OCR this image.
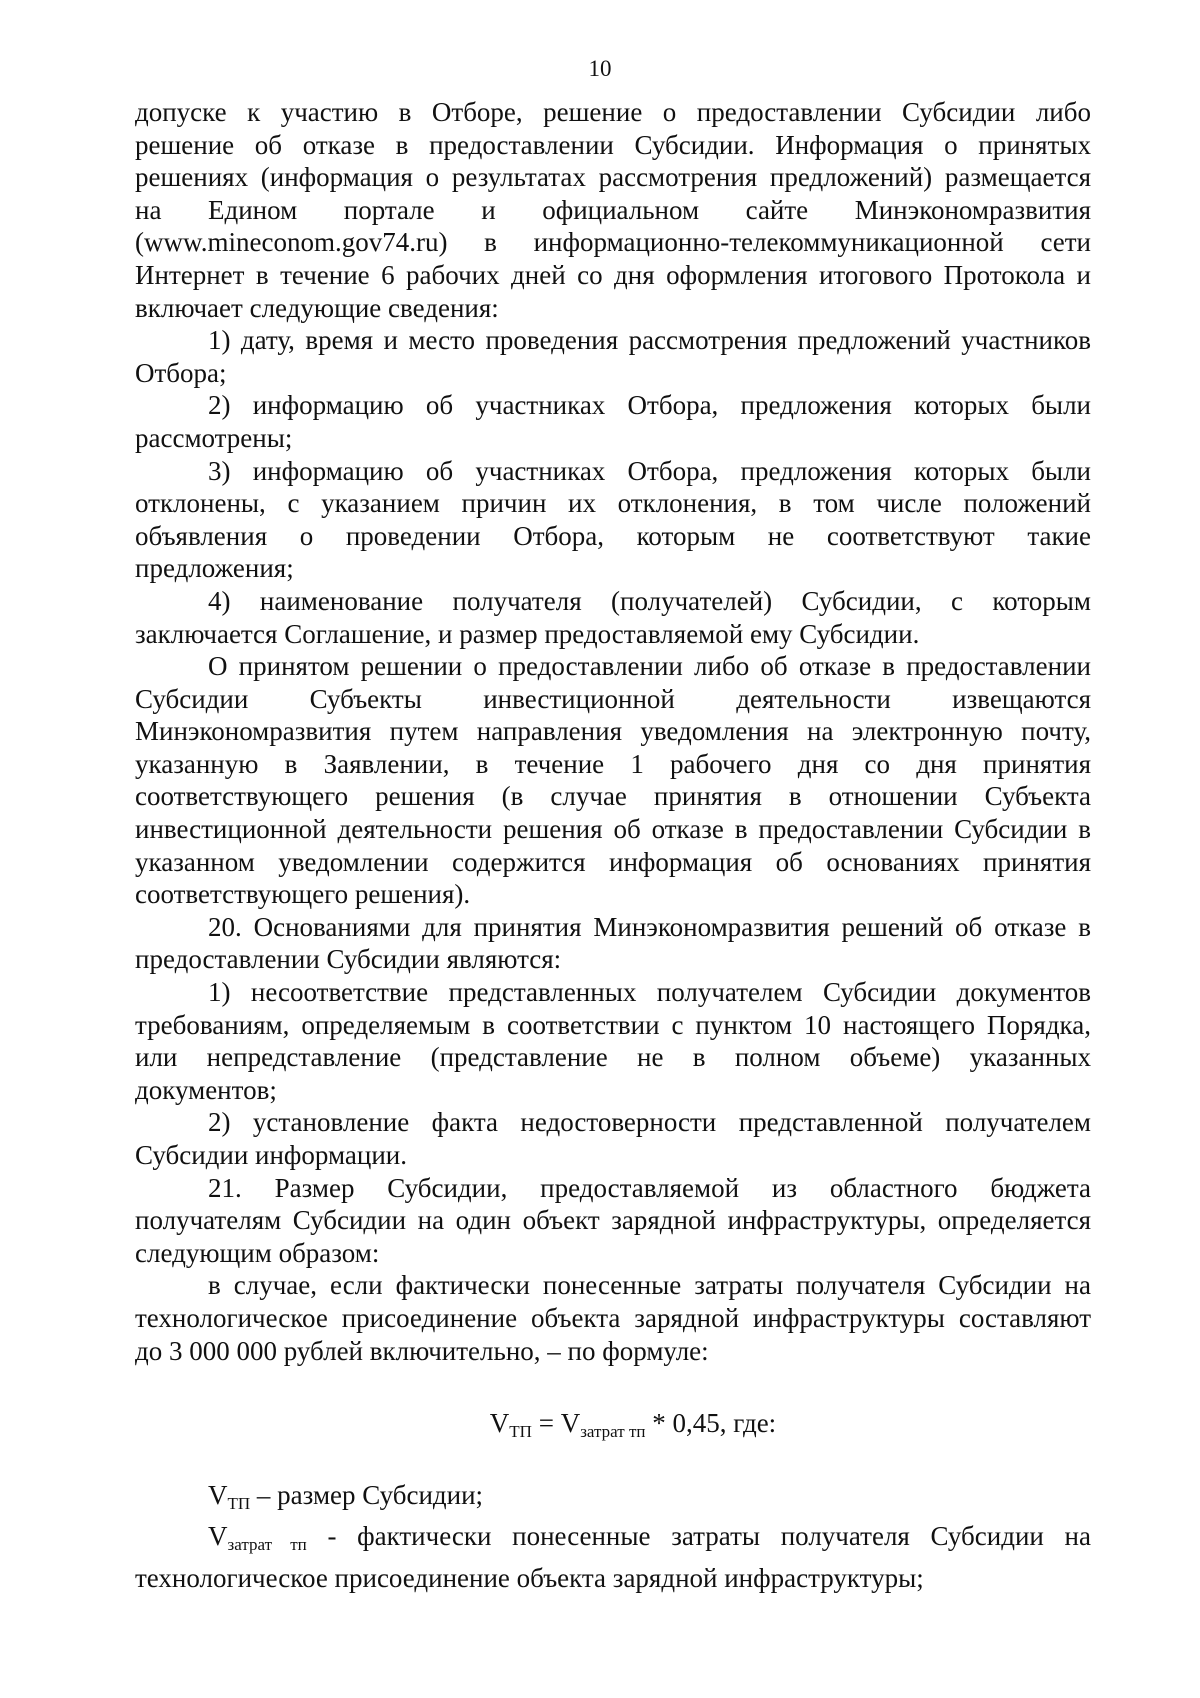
10

допуске к участию в Отборе, решение о предоставлении Субсидии либо

решение об отказе в предоставлении Субсидии. Информация о принятых

решениях (информация о результатах рассмотрения предложений) размещается

на Едином портале и официальном сайте Минэкономразвития

(www.mineconom.gov74.ru) в информационно-телекоммуникационной сети

Интернет в течение 6 рабочих дней со дня оформления итогового Протокола и

включает следующие сведения:

1) дату, время и место проведения рассмотрения предложений участников

Отбора;

2) информацию об участниках Отбора, предложения которых были

рассмотрены;

3) информацию об участниках Отбора, предложения которых были

отклонены, с указанием причин их отклонения, в том числе положений

объявления о проведении Отбора, которым не соответствуют такие

предложения;

4) наименование получателя (получателей) Субсидии, с которым

заключается Соглашение, и размер предоставляемой ему Субсидии.

О принятом решении о предоставлении либо об отказе в предоставлении

Субсидии Субъекты инвестиционной деятельности извещаются

Минэкономразвития путем направления уведомления на электронную почту,

указанную в Заявлении, в течение 1 рабочего дня со дня принятия

соответствующего решения (в случае принятия в отношении Субъекта

инвестиционной деятельности решения об отказе в предоставлении Субсидии в

указанном уведомлении содержится информация об основаниях принятия

соответствующего решения).

20. Основаниями для принятия Минэкономразвития решений об отказе в

предоставлении Субсидии являются:

1) несоответствие представленных получателем Субсидии документов

требованиям, определяемым в соответствии с пунктом 10 настоящего Порядка,

или непредставление (представление не в полном объеме) указанных

документов;

2) установление факта недостоверности представленной получателем

Субсидии информации.

21. Размер Субсидии, предоставляемой из областного бюджета

получателям Субсидии на один объект зарядной инфраструктуры, определяется

следующим образом:

в случае, если фактически понесенные затраты получателя Субсидии на

технологическое присоединение объекта зарядной инфраструктуры составляют

до 3 000 000 рублей включительно, – по формуле:

$V_{ТП} = V_{затрат тп} * 0,45$, где:

$V_{ТП}$ – размер Субсидии;

$V_{затрат тп}$ - фактически понесенные затраты получателя Субсидии на

технологическое присоединение объекта зарядной инфраструктуры;
